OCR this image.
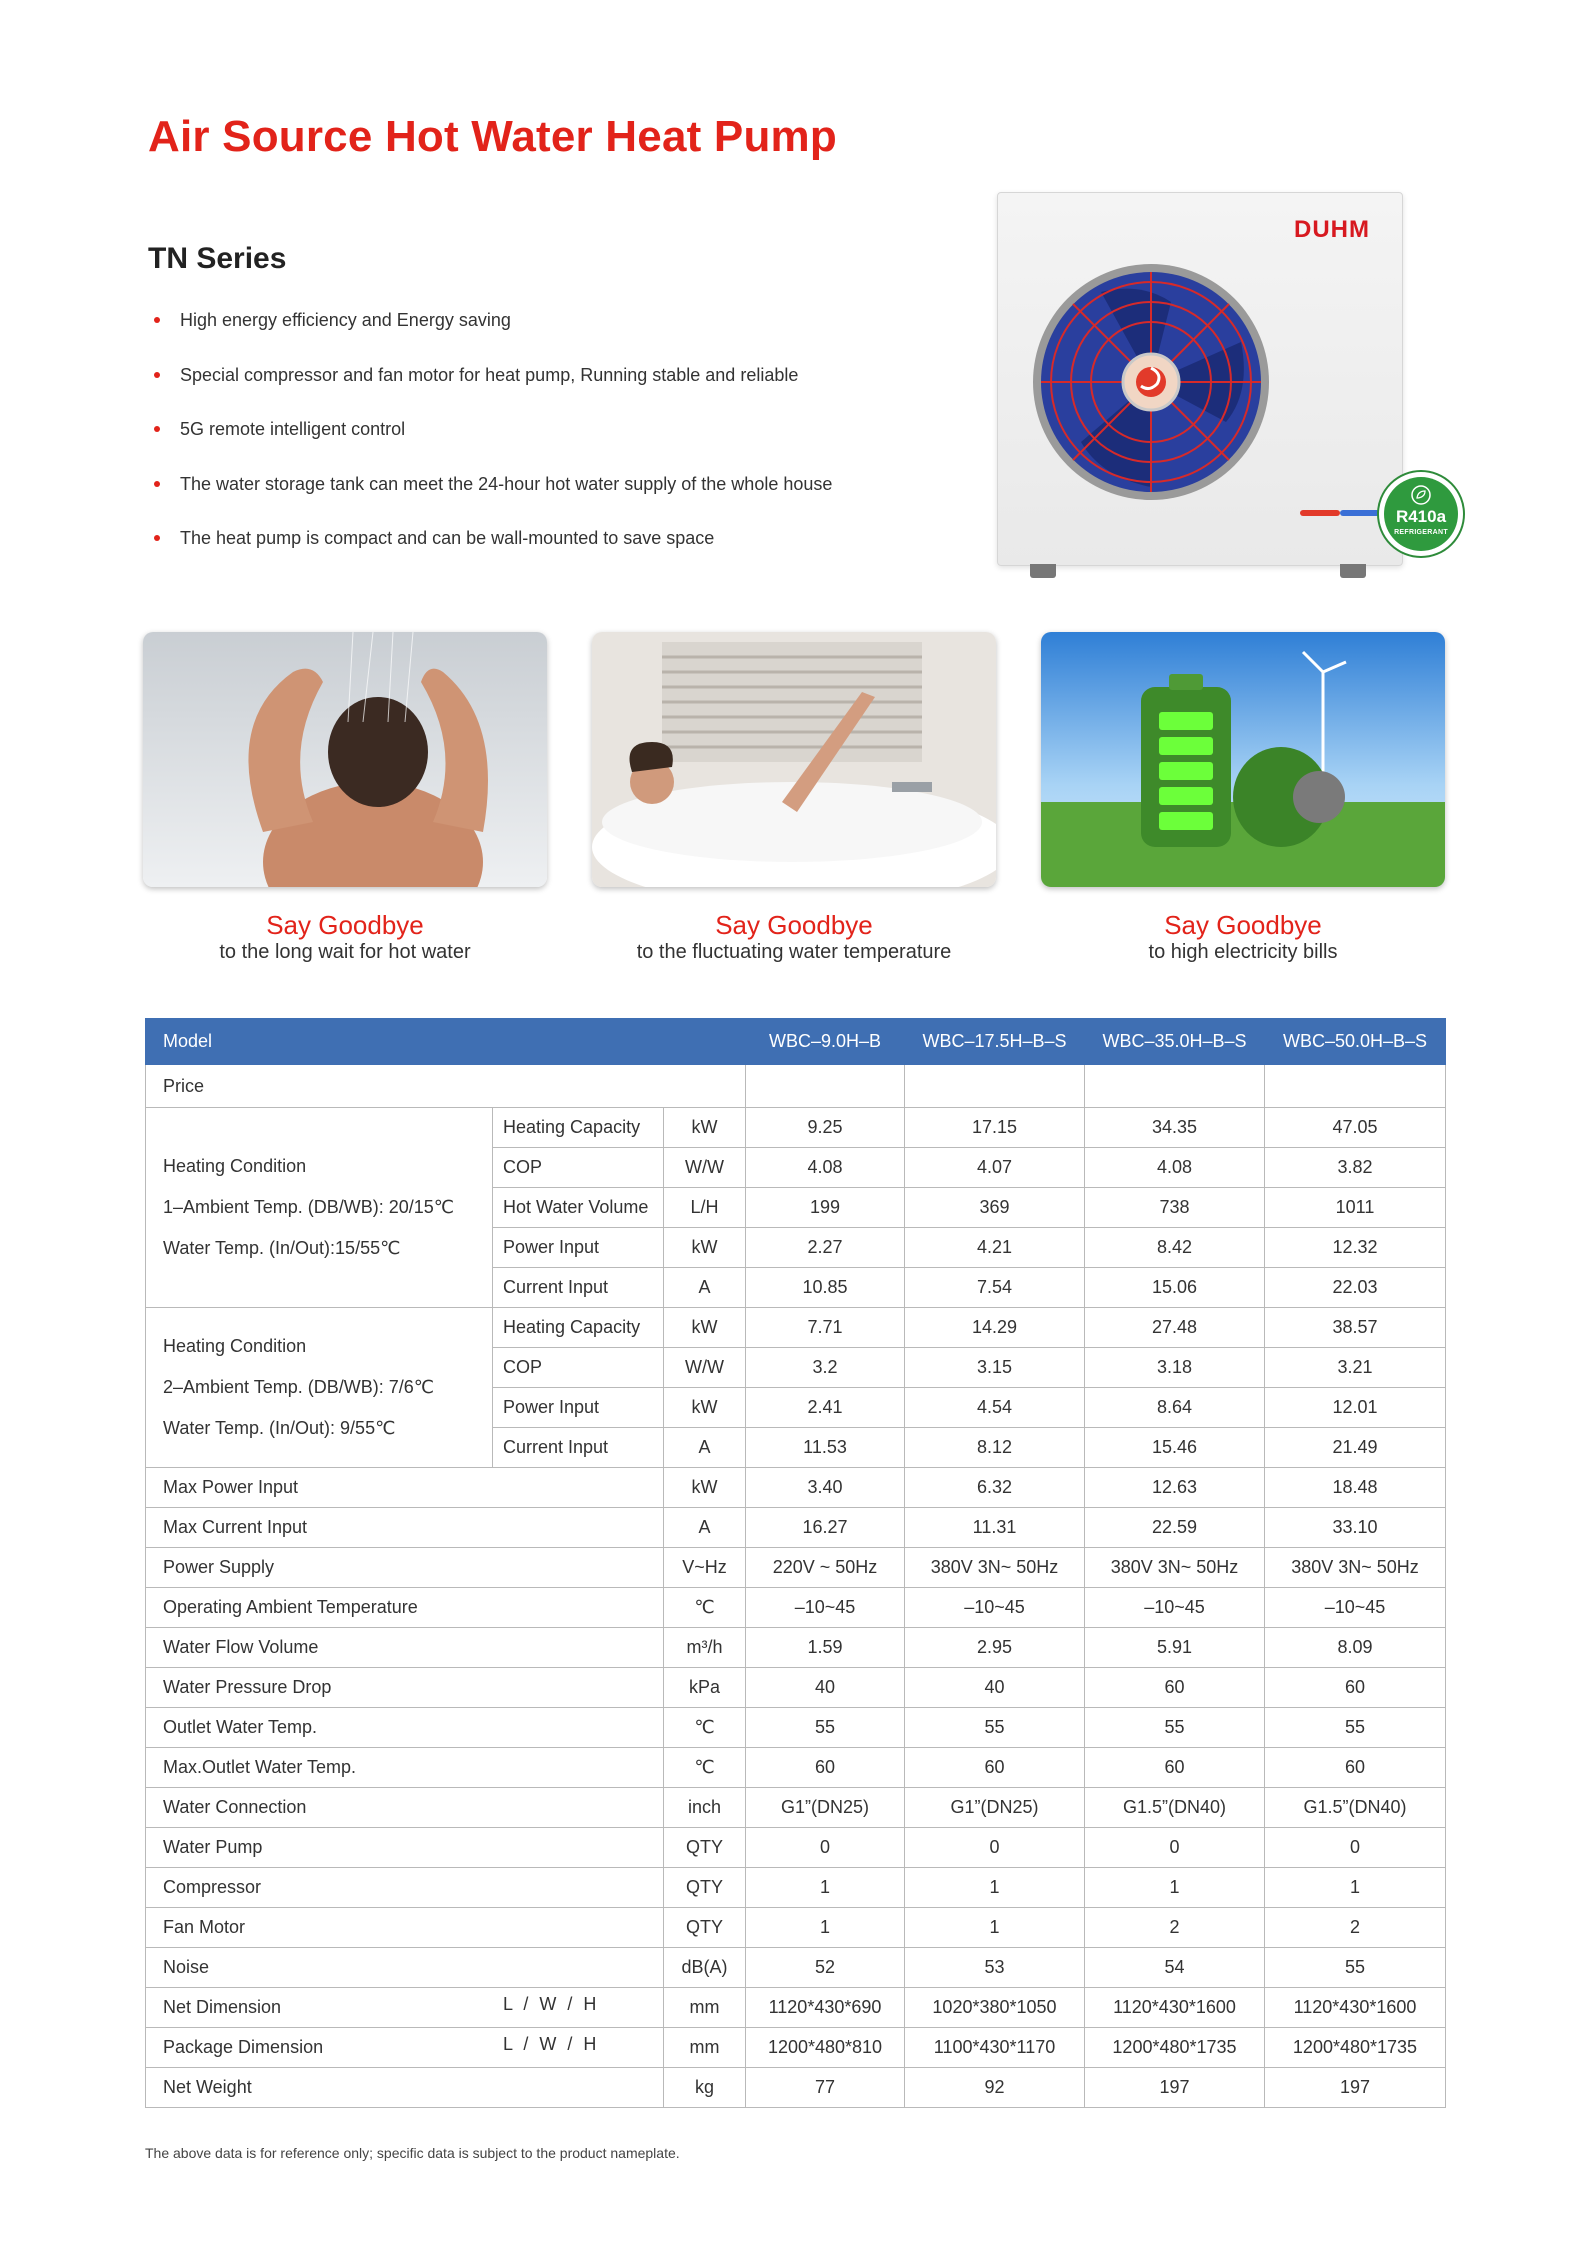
Air Source Hot Water Heat Pump
TN Series
High energy efficiency and Energy saving
Special compressor and fan motor for heat pump, Running stable and reliable
5G remote intelligent control
The water storage tank can meet the 24-hour hot water supply of the whole house
The heat pump is compact and can be wall-mounted to save space
DUHM
R410a
REFRIGERANT
Say Goodbye
to the long wait for hot water
Say Goodbye
to the fluctuating water temperature
Say Goodbye
to high electricity bills
Model			WBC–9.0H–B	WBC–17.5H–B–S	WBC–35.0H–B–S	WBC–50.0H–B–S
Price						

Heating Condition
1–Ambient Temp. (DB/WB): 20/15℃
Water Temp. (In/Out):15/55℃	Heating Capacity	kW	9.25	17.15	34.35	47.05
	COP	W/W	4.08	4.07	4.08	3.82
	Hot Water Volume	L/H	199	369	738	1011
	Power Input	kW	2.27	4.21	8.42	12.32
	Current Input	A	10.85	7.54	15.06	22.03

Heating Condition
2–Ambient Temp. (DB/WB): 7/6℃
Water Temp. (In/Out): 9/55℃	Heating Capacity	kW	7.71	14.29	27.48	38.57
	COP	W/W	3.2	3.15	3.18	3.21
	Power Input	kW	2.41	4.54	8.64	12.01
	Current Input	A	11.53	8.12	15.46	21.49
Max Power Input		kW	3.40	6.32	12.63	18.48
Max Current Input		A	16.27	11.31	22.59	33.10
Power Supply		V~Hz	220V ~ 50Hz	380V 3N~ 50Hz	380V 3N~ 50Hz	380V 3N~ 50Hz
Operating Ambient Temperature		℃	–10~45	–10~45	–10~45	–10~45
Water Flow Volume		m³/h	1.59	2.95	5.91	8.09
Water Pressure Drop		kPa	40	40	60	60
Outlet Water Temp.		℃	55	55	55	55
Max.Outlet Water Temp.		℃	60	60	60	60
Water Connection		inch	G1”(DN25)	G1”(DN25)	G1.5”(DN40)	G1.5”(DN40)
Water Pump		QTY	0	0	0	0
Compressor		QTY	1	1	1	1
Fan Motor		QTY	1	1	2	2
Noise		dB(A)	52	53	54	55
Net Dimension L / W / H		mm	1120*430*690	1020*380*1050	1120*430*1600	1120*430*1600
Package Dimension L / W / H		mm	1200*480*810	1100*430*1170	1200*480*1735	1200*480*1735
Net Weight		kg	77	92	197	197
The above data is for reference only; specific data is subject to the product nameplate.
